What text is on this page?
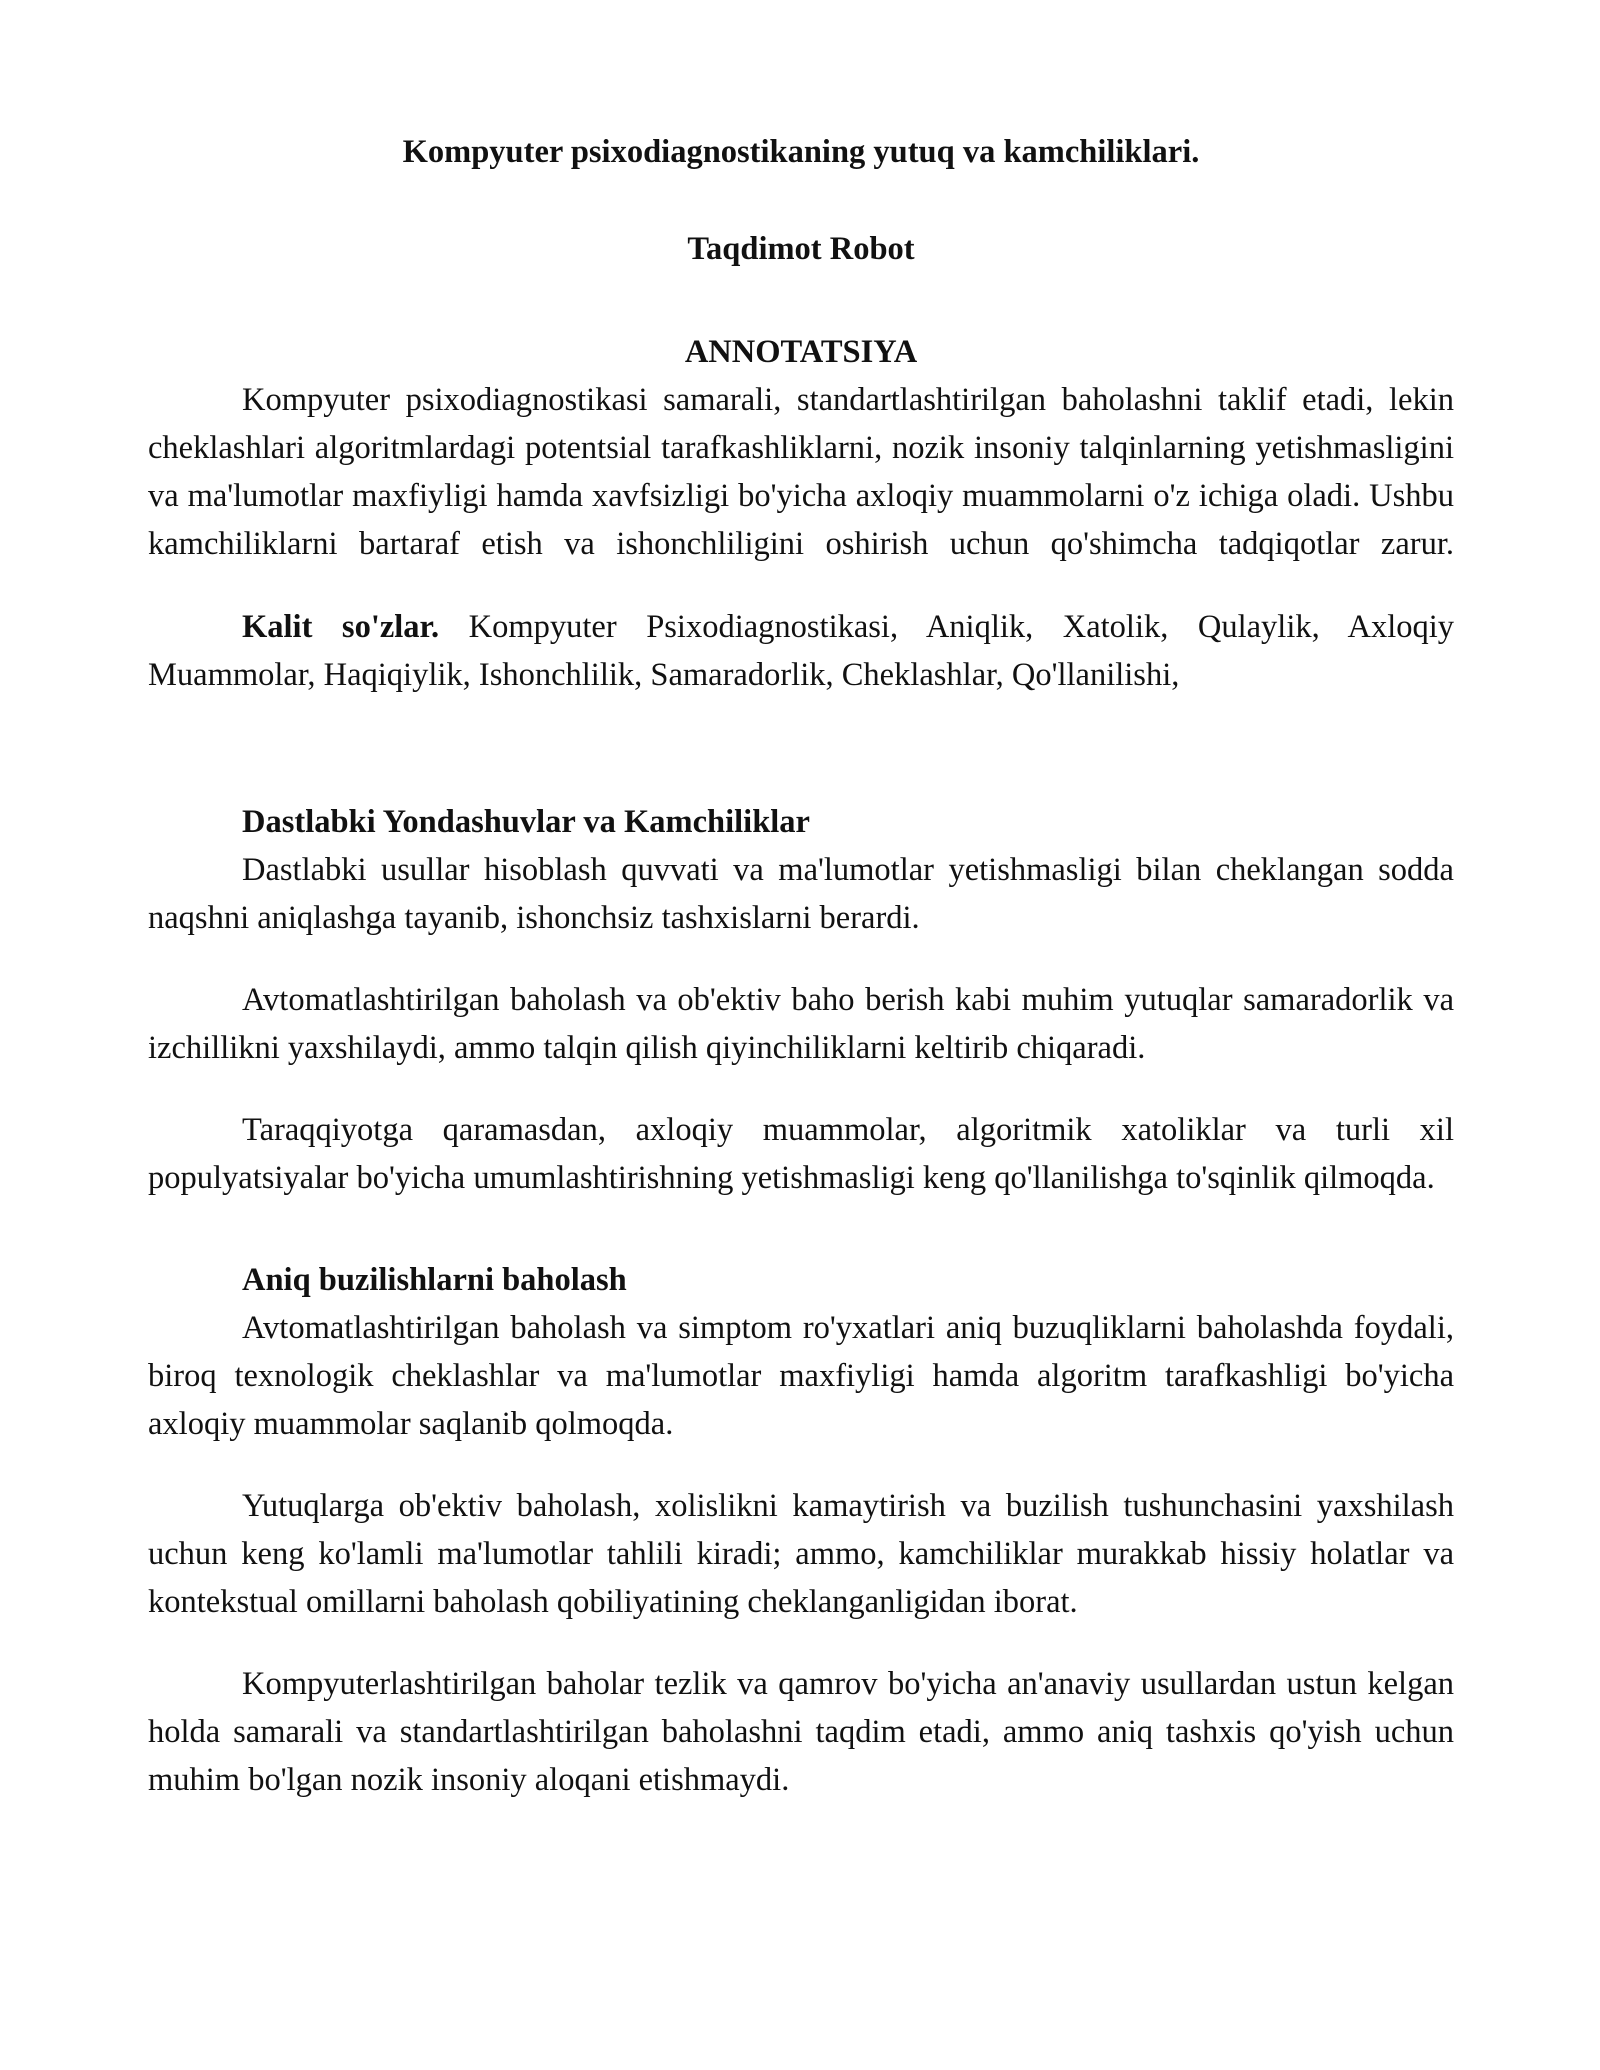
Kompyuter psixodiagnostikaning yutuq va kamchiliklari.
Taqdimot Robot
ANNOTATSIYA

Kompyuter psixodiagnostikasi samarali, standartlashtirilgan baholashni taklif etadi, lekin cheklashlari algoritmlardagi potentsial tarafkashliklarni, nozik insoniy talqinlarning yetishmasligini va ma'lumotlar maxfiyligi hamda xavfsizligi bo'yicha axloqiy muammolarni o'z ichiga oladi. Ushbu kamchiliklarni bartaraf etish va ishonchliligini oshirish uchun qo'shimcha tadqiqotlar zarur.

Kalit so'zlar. Kompyuter Psixodiagnostikasi, Aniqlik, Xatolik, Qulaylik, Axloqiy Muammolar, Haqiqiylik, Ishonchlilik, Samaradorlik, Cheklashlar, Qo'llanilishi,

Dastlabki Yondashuvlar va Kamchiliklar

Dastlabki usullar hisoblash quvvati va ma'lumotlar yetishmasligi bilan cheklangan sodda naqshni aniqlashga tayanib, ishonchsiz tashxislarni berardi.

Avtomatlashtirilgan baholash va ob'ektiv baho berish kabi muhim yutuqlar samaradorlik va izchillikni yaxshilaydi, ammo talqin qilish qiyinchiliklarni keltirib chiqaradi.

Taraqqiyotga qaramasdan, axloqiy muammolar, algoritmik xatoliklar va turli xil populyatsiyalar bo'yicha umumlashtirishning yetishmasligi keng qo'llanilishga to'sqinlik qilmoqda.

Aniq buzilishlarni baholash

Avtomatlashtirilgan baholash va simptom ro'yxatlari aniq buzuqliklarni baholashda foydali, biroq texnologik cheklashlar va ma'lumotlar maxfiyligi hamda algoritm tarafkashligi bo'yicha axloqiy muammolar saqlanib qolmoqda.

Yutuqlarga ob'ektiv baholash, xolislikni kamaytirish va buzilish tushunchasini yaxshilash uchun keng ko'lamli ma'lumotlar tahlili kiradi; ammo, kamchiliklar murakkab hissiy holatlar va kontekstual omillarni baholash qobiliyatining cheklanganligidan iborat.

Kompyuterlashtirilgan baholar tezlik va qamrov bo'yicha an'anaviy usullardan ustun kelgan holda samarali va standartlashtirilgan baholashni taqdim etadi, ammo aniq tashxis qo'yish uchun muhim bo'lgan nozik insoniy aloqani etishmaydi.
